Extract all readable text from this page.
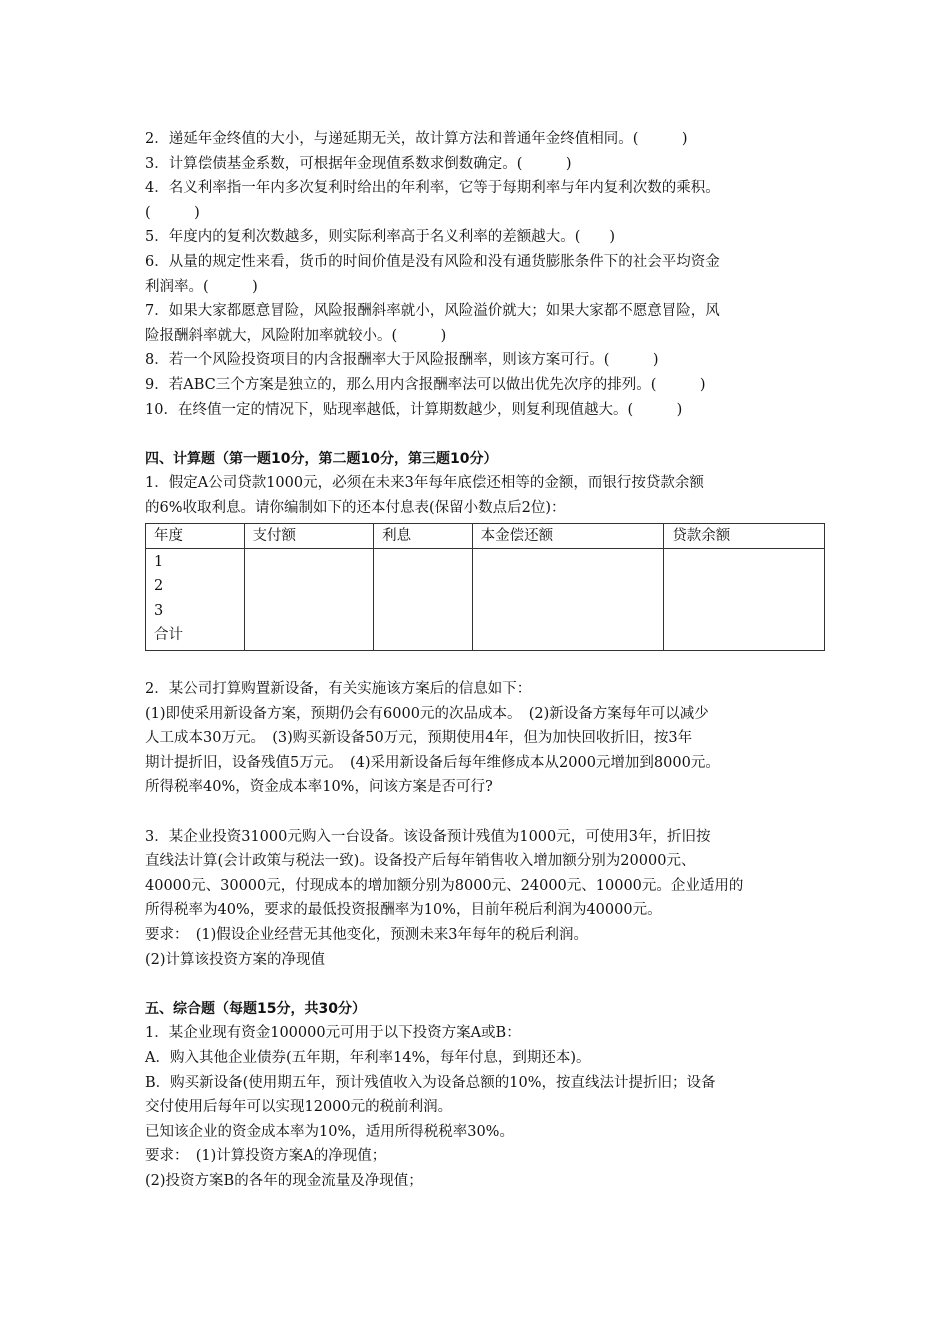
2．递延年金终值的大小，与递延期无关，故计算方法和普通年金终值相同。(　　　)

3．计算偿债基金系数，可根据年金现值系数求倒数确定。(　　　)

4．名义利率指一年内多次复利时给出的年利率，它等于每期利率与年内复利次数的乘积。

(　　　)

5．年度内的复利次数越多，则实际利率高于名义利率的差额越大。(　　)

6．从量的规定性来看，货币的时间价值是没有风险和没有通货膨胀条件下的社会平均资金

利润率。(　　　)

7．如果大家都愿意冒险，风险报酬斜率就小，风险溢价就大；如果大家都不愿意冒险，风

险报酬斜率就大，风险附加率就较小。(　　　)

8．若一个风险投资项目的内含报酬率大于风险报酬率，则该方案可行。(　　　)

9．若ABC三个方案是独立的，那么用内含报酬率法可以做出优先次序的排列。(　　　)

10．在终值一定的情况下，贴现率越低，计算期数越少，则复利现值越大。(　　　)

四、计算题（第一题10分，第二题10分，第三题10分）

1．假定A公司贷款1000元，必须在未来3年每年底偿还相等的金额，而银行按贷款余额

的6%收取利息。请你编制如下的还本付息表(保留小数点后2位)：

年度	支付额	利息	本金偿还额	贷款余额

1
2
3
合计				

2．某公司打算购置新设备，有关实施该方案后的信息如下：

(1)即使采用新设备方案，预期仍会有6000元的次品成本。　(2)新设备方案每年可以减少

人工成本30万元。　(3)购买新设备50万元，预期使用4年，但为加快回收折旧，按3年

期计提折旧，设备残值5万元。　(4)采用新设备后每年维修成本从2000元增加到8000元。

所得税率40%，资金成本率10%，问该方案是否可行?

3．某企业投资31000元购入一台设备。该设备预计残值为1000元，可使用3年，折旧按

直线法计算(会计政策与税法一致)。设备投产后每年销售收入增加额分别为20000元、

40000元、30000元，付现成本的增加额分别为8000元、24000元、10000元。企业适用的

所得税率为40%，要求的最低投资报酬率为10%，目前年税后利润为40000元。

要求：　(1)假设企业经营无其他变化，预测未来3年每年的税后利润。

(2)计算该投资方案的净现值

五、综合题（每题15分，共30分）

1．某企业现有资金100000元可用于以下投资方案A或B：

A．购入其他企业债券(五年期，年利率14%，每年付息，到期还本)。

B．购买新设备(使用期五年，预计残值收入为设备总额的10%，按直线法计提折旧；设备

交付使用后每年可以实现12000元的税前利润。

已知该企业的资金成本率为10%，适用所得税税率30%。

要求：　(1)计算投资方案A的净现值；

(2)投资方案B的各年的现金流量及净现值；
